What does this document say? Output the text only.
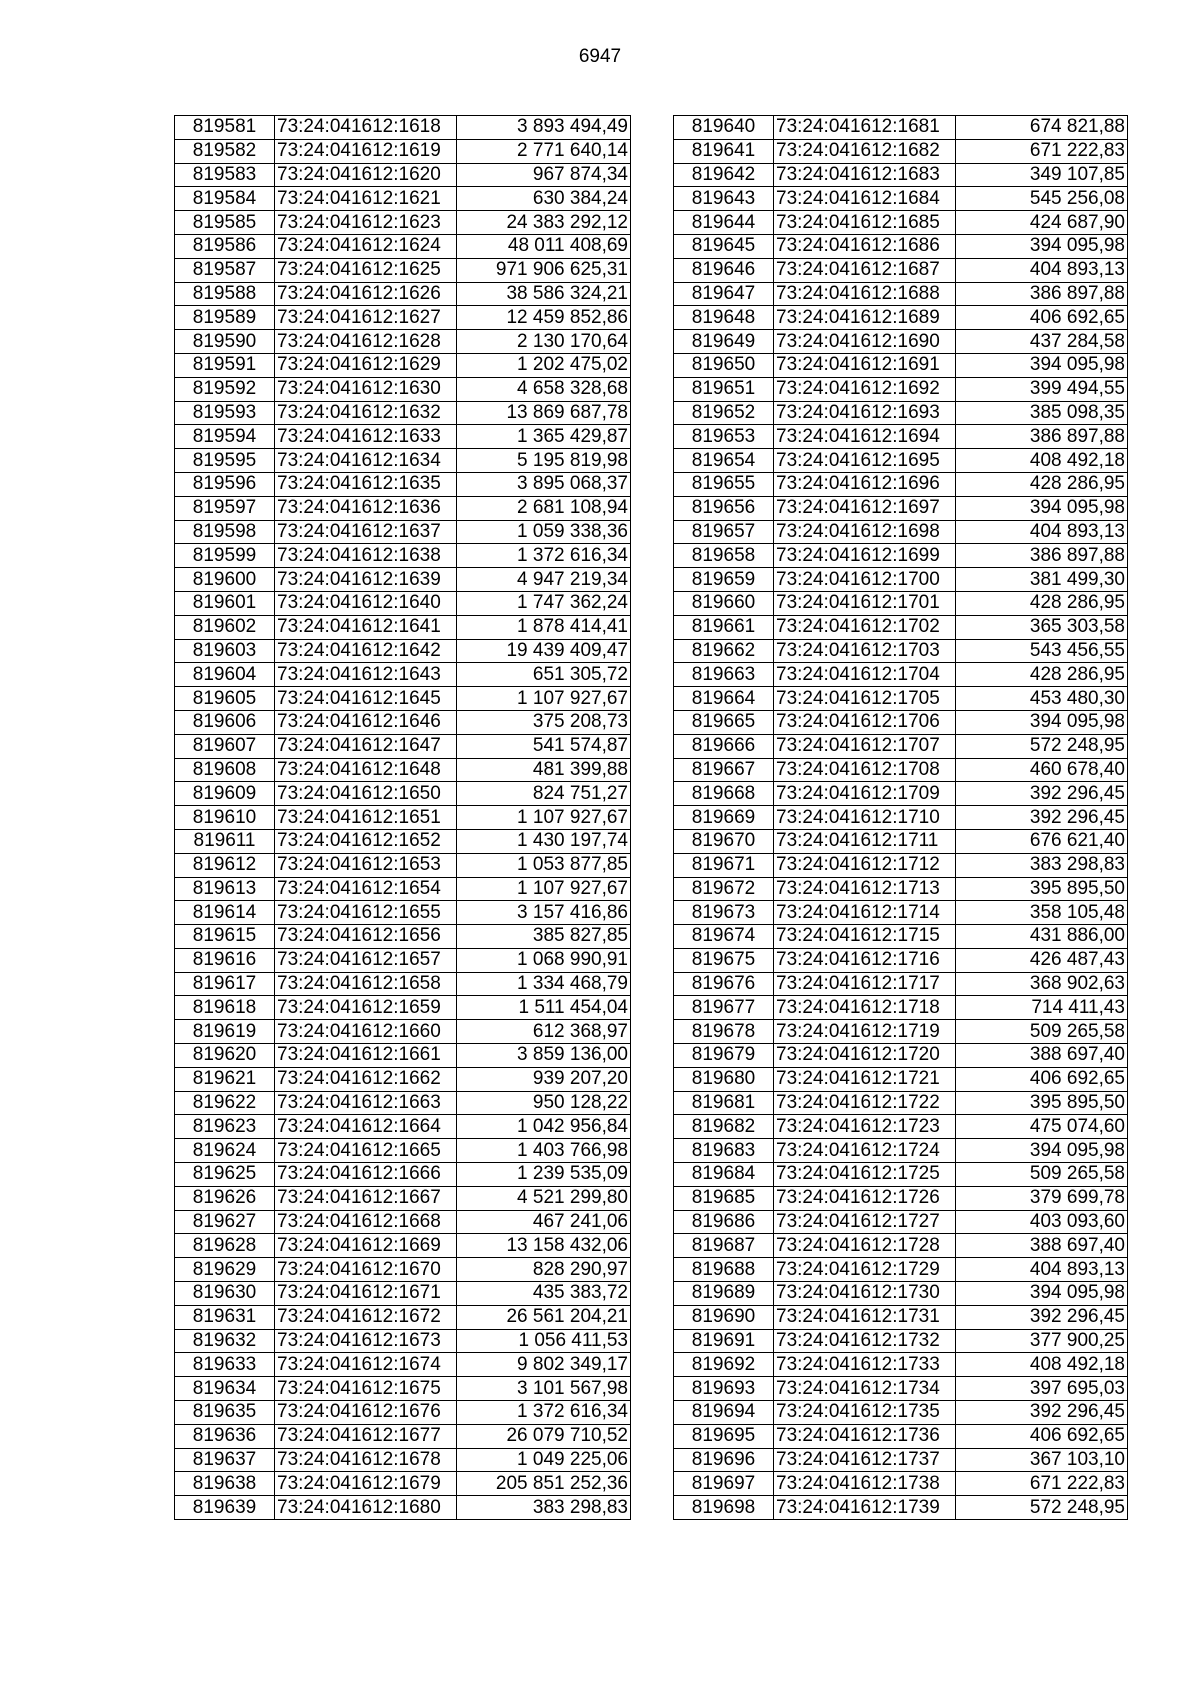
6947
819581	73:24:041612:1618	3 893 494,49
819582	73:24:041612:1619	2 771 640,14
819583	73:24:041612:1620	967 874,34
819584	73:24:041612:1621	630 384,24
819585	73:24:041612:1623	24 383 292,12
819586	73:24:041612:1624	48 011 408,69
819587	73:24:041612:1625	971 906 625,31
819588	73:24:041612:1626	38 586 324,21
819589	73:24:041612:1627	12 459 852,86
819590	73:24:041612:1628	2 130 170,64
819591	73:24:041612:1629	1 202 475,02
819592	73:24:041612:1630	4 658 328,68
819593	73:24:041612:1632	13 869 687,78
819594	73:24:041612:1633	1 365 429,87
819595	73:24:041612:1634	5 195 819,98
819596	73:24:041612:1635	3 895 068,37
819597	73:24:041612:1636	2 681 108,94
819598	73:24:041612:1637	1 059 338,36
819599	73:24:041612:1638	1 372 616,34
819600	73:24:041612:1639	4 947 219,34
819601	73:24:041612:1640	1 747 362,24
819602	73:24:041612:1641	1 878 414,41
819603	73:24:041612:1642	19 439 409,47
819604	73:24:041612:1643	651 305,72
819605	73:24:041612:1645	1 107 927,67
819606	73:24:041612:1646	375 208,73
819607	73:24:041612:1647	541 574,87
819608	73:24:041612:1648	481 399,88
819609	73:24:041612:1650	824 751,27
819610	73:24:041612:1651	1 107 927,67
819611	73:24:041612:1652	1 430 197,74
819612	73:24:041612:1653	1 053 877,85
819613	73:24:041612:1654	1 107 927,67
819614	73:24:041612:1655	3 157 416,86
819615	73:24:041612:1656	385 827,85
819616	73:24:041612:1657	1 068 990,91
819617	73:24:041612:1658	1 334 468,79
819618	73:24:041612:1659	1 511 454,04
819619	73:24:041612:1660	612 368,97
819620	73:24:041612:1661	3 859 136,00
819621	73:24:041612:1662	939 207,20
819622	73:24:041612:1663	950 128,22
819623	73:24:041612:1664	1 042 956,84
819624	73:24:041612:1665	1 403 766,98
819625	73:24:041612:1666	1 239 535,09
819626	73:24:041612:1667	4 521 299,80
819627	73:24:041612:1668	467 241,06
819628	73:24:041612:1669	13 158 432,06
819629	73:24:041612:1670	828 290,97
819630	73:24:041612:1671	435 383,72
819631	73:24:041612:1672	26 561 204,21
819632	73:24:041612:1673	1 056 411,53
819633	73:24:041612:1674	9 802 349,17
819634	73:24:041612:1675	3 101 567,98
819635	73:24:041612:1676	1 372 616,34
819636	73:24:041612:1677	26 079 710,52
819637	73:24:041612:1678	1 049 225,06
819638	73:24:041612:1679	205 851 252,36
819639	73:24:041612:1680	383 298,83
819640	73:24:041612:1681	674 821,88
819641	73:24:041612:1682	671 222,83
819642	73:24:041612:1683	349 107,85
819643	73:24:041612:1684	545 256,08
819644	73:24:041612:1685	424 687,90
819645	73:24:041612:1686	394 095,98
819646	73:24:041612:1687	404 893,13
819647	73:24:041612:1688	386 897,88
819648	73:24:041612:1689	406 692,65
819649	73:24:041612:1690	437 284,58
819650	73:24:041612:1691	394 095,98
819651	73:24:041612:1692	399 494,55
819652	73:24:041612:1693	385 098,35
819653	73:24:041612:1694	386 897,88
819654	73:24:041612:1695	408 492,18
819655	73:24:041612:1696	428 286,95
819656	73:24:041612:1697	394 095,98
819657	73:24:041612:1698	404 893,13
819658	73:24:041612:1699	386 897,88
819659	73:24:041612:1700	381 499,30
819660	73:24:041612:1701	428 286,95
819661	73:24:041612:1702	365 303,58
819662	73:24:041612:1703	543 456,55
819663	73:24:041612:1704	428 286,95
819664	73:24:041612:1705	453 480,30
819665	73:24:041612:1706	394 095,98
819666	73:24:041612:1707	572 248,95
819667	73:24:041612:1708	460 678,40
819668	73:24:041612:1709	392 296,45
819669	73:24:041612:1710	392 296,45
819670	73:24:041612:1711	676 621,40
819671	73:24:041612:1712	383 298,83
819672	73:24:041612:1713	395 895,50
819673	73:24:041612:1714	358 105,48
819674	73:24:041612:1715	431 886,00
819675	73:24:041612:1716	426 487,43
819676	73:24:041612:1717	368 902,63
819677	73:24:041612:1718	714 411,43
819678	73:24:041612:1719	509 265,58
819679	73:24:041612:1720	388 697,40
819680	73:24:041612:1721	406 692,65
819681	73:24:041612:1722	395 895,50
819682	73:24:041612:1723	475 074,60
819683	73:24:041612:1724	394 095,98
819684	73:24:041612:1725	509 265,58
819685	73:24:041612:1726	379 699,78
819686	73:24:041612:1727	403 093,60
819687	73:24:041612:1728	388 697,40
819688	73:24:041612:1729	404 893,13
819689	73:24:041612:1730	394 095,98
819690	73:24:041612:1731	392 296,45
819691	73:24:041612:1732	377 900,25
819692	73:24:041612:1733	408 492,18
819693	73:24:041612:1734	397 695,03
819694	73:24:041612:1735	392 296,45
819695	73:24:041612:1736	406 692,65
819696	73:24:041612:1737	367 103,10
819697	73:24:041612:1738	671 222,83
819698	73:24:041612:1739	572 248,95
